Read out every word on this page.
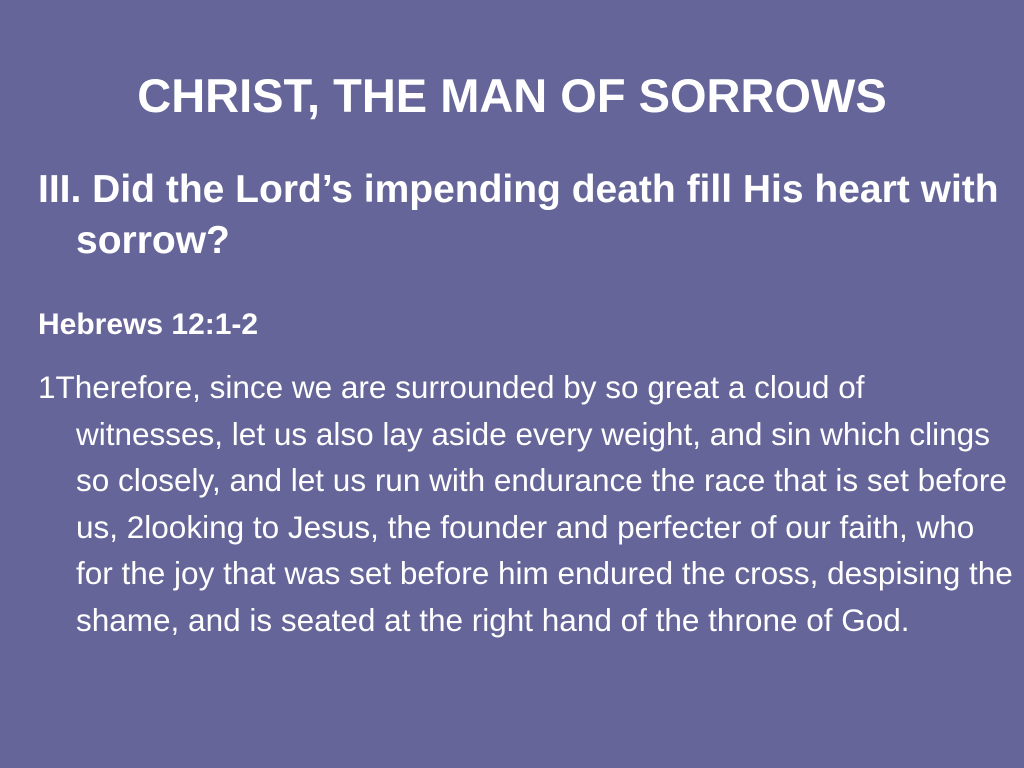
CHRIST, THE MAN OF SORROWS

III. Did the Lord’s impending death fill His heart with sorrow?

Hebrews 12:1-2

1Therefore, since we are surrounded by so great a cloud of witnesses, let us also lay aside every weight, and sin which clings so closely, and let us run with endurance the race that is set before us, 2looking to Jesus, the founder and perfecter of our faith, who for the joy that was set before him endured the cross, despising the shame, and is seated at the right hand of the throne of God.
